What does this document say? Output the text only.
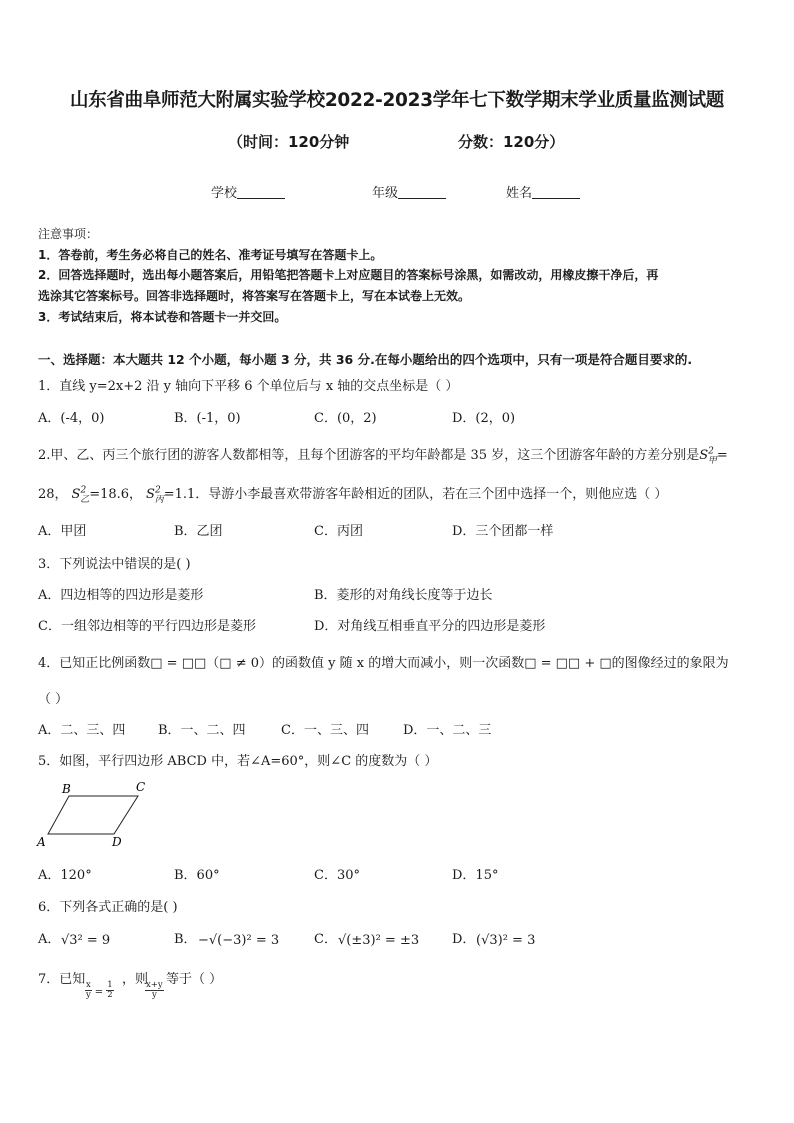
山东省曲阜师范大附属实验学校2022-2023学年七下数学期末学业质量监测试题
（时间：120分钟	分数：120分）
学校	年级	姓名
注意事项：
1．答卷前，考生务必将自己的姓名、准考证号填写在答题卡上。
2．回答选择题时，选出每小题答案后，用铅笔把答题卡上对应题目的答案标号涂黑，如需改动，用橡皮擦干净后，再
选涂其它答案标号。回答非选择题时，将答案写在答题卡上，写在本试卷上无效。
3．考试结束后，将本试卷和答题卡一并交回。
一、选择题：本大题共 12 个小题，每小题 3 分，共 36 分.在每小题给出的四个选项中，只有一项是符合题目要求的.
1．直线 y=2x+2 沿 y 轴向下平移 6 个单位后与 x 轴的交点坐标是（ ）
A．(-4，0)	B．(-1，0)	C．(0，2)	D．(2，0)
2.甲、乙、丙三个旅行团的游客人数都相等，且每个团游客的平均年龄都是 35 岁，这三个团游客年龄的方差分别是$S^2_甲=$
28， $S^2_乙=18.6$， $S^2_丙=1.1$．导游小李最喜欢带游客年龄相近的团队，若在三个团中选择一个，则他应选（ ）
A．甲团	B．乙团	C．丙团	D．三个团都一样
3．下列说法中错误的是( )
A．四边相等的四边形是菱形	B．菱形的对角线长度等于边长
C．一组邻边相等的平行四边形是菱形	D．对角线互相垂直平分的四边形是菱形
4．已知正比例函数□ = □□（□ ≠ 0）的函数值 y 随 x 的增大而减小，则一次函数□ = □□ + □的图像经过的象限为
（ ）
A．二、三、四	B．一、二、四	C．一、三、四	D．一、二、三
5．如图，平行四边形 ABCD 中，若∠A=60°，则∠C 的度数为（ ）
B	C
A	D
A．120°	B．60°	C．30°	D．15°
6．下列各式正确的是( )
A． √3² = 9	B． −√(−3)² = 3	C． √(±3)² = ±3	D． (√3)² = 3
7．已知
$\frac{x}{y} = \frac{1}{2}$
，则
$\frac{x+y}{y}$
等于（ ）
